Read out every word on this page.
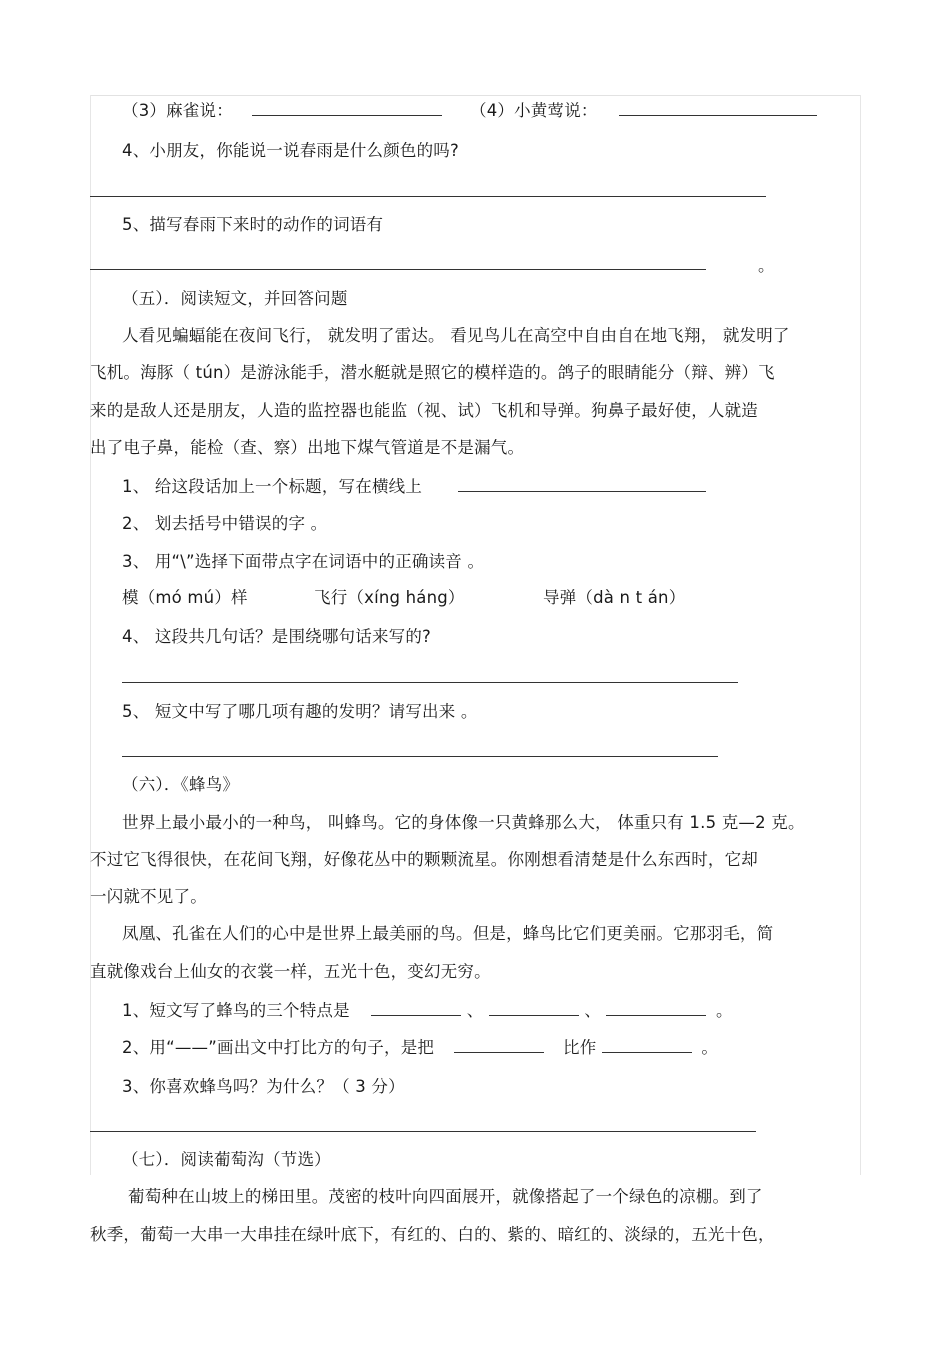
（3）麻雀说：	（4）小黄莺说：
4、小朋友，你能说一说春雨是什么颜色的吗?
5、描写春雨下来时的动作的词语有
。
（五）．阅读短文，并回答问题
人看见蝙蝠能在夜间飞行， 就发明了雷达。 看见鸟儿在高空中自由自在地飞翔， 就发明了
飞机。海豚（ tún）是游泳能手，潜水艇就是照它的模样造的。鸽子的眼睛能分（辩、辨）飞
来的是敌人还是朋友，人造的监控器也能监（视、试）飞机和导弹。狗鼻子最好使，人就造
出了电子鼻，能检（查、察）出地下煤气管道是不是漏气。
1、 给这段话加上一个标题，写在横线上
2、 划去括号中错误的字 。
3、 用“\”选择下面带点字在词语中的正确读音 。
模（mó mú）样	飞行（xíng háng）	导弹（dà n t án）
4、 这段共几句话？是围绕哪句话来写的?
5、 短文中写了哪几项有趣的发明？请写出来 。
（六）．《蜂鸟》
世界上最小最小的一种鸟， 叫蜂鸟。它的身体像一只黄蜂那么大， 体重只有 1.5 克—2 克。
不过它飞得很快，在花间飞翔，好像花丛中的颗颗流星。你刚想看清楚是什么东西时，它却
一闪就不见了。
凤凰、孔雀在人们的心中是世界上最美丽的鸟。但是，蜂鸟比它们更美丽。它那羽毛，简
直就像戏台上仙女的衣裳一样，五光十色，变幻无穷。
1、短文写了蜂鸟的三个特点是	、	、	。
2、用“——”画出文中打比方的句子，是把	比作	。
3、你喜欢蜂鸟吗？为什么？（ 3 分）
（七）．阅读葡萄沟（节选）
葡萄种在山坡上的梯田里。茂密的枝叶向四面展开，就像搭起了一个绿色的凉棚。到了
秋季，葡萄一大串一大串挂在绿叶底下，有红的、白的、紫的、暗红的、淡绿的，五光十色，
